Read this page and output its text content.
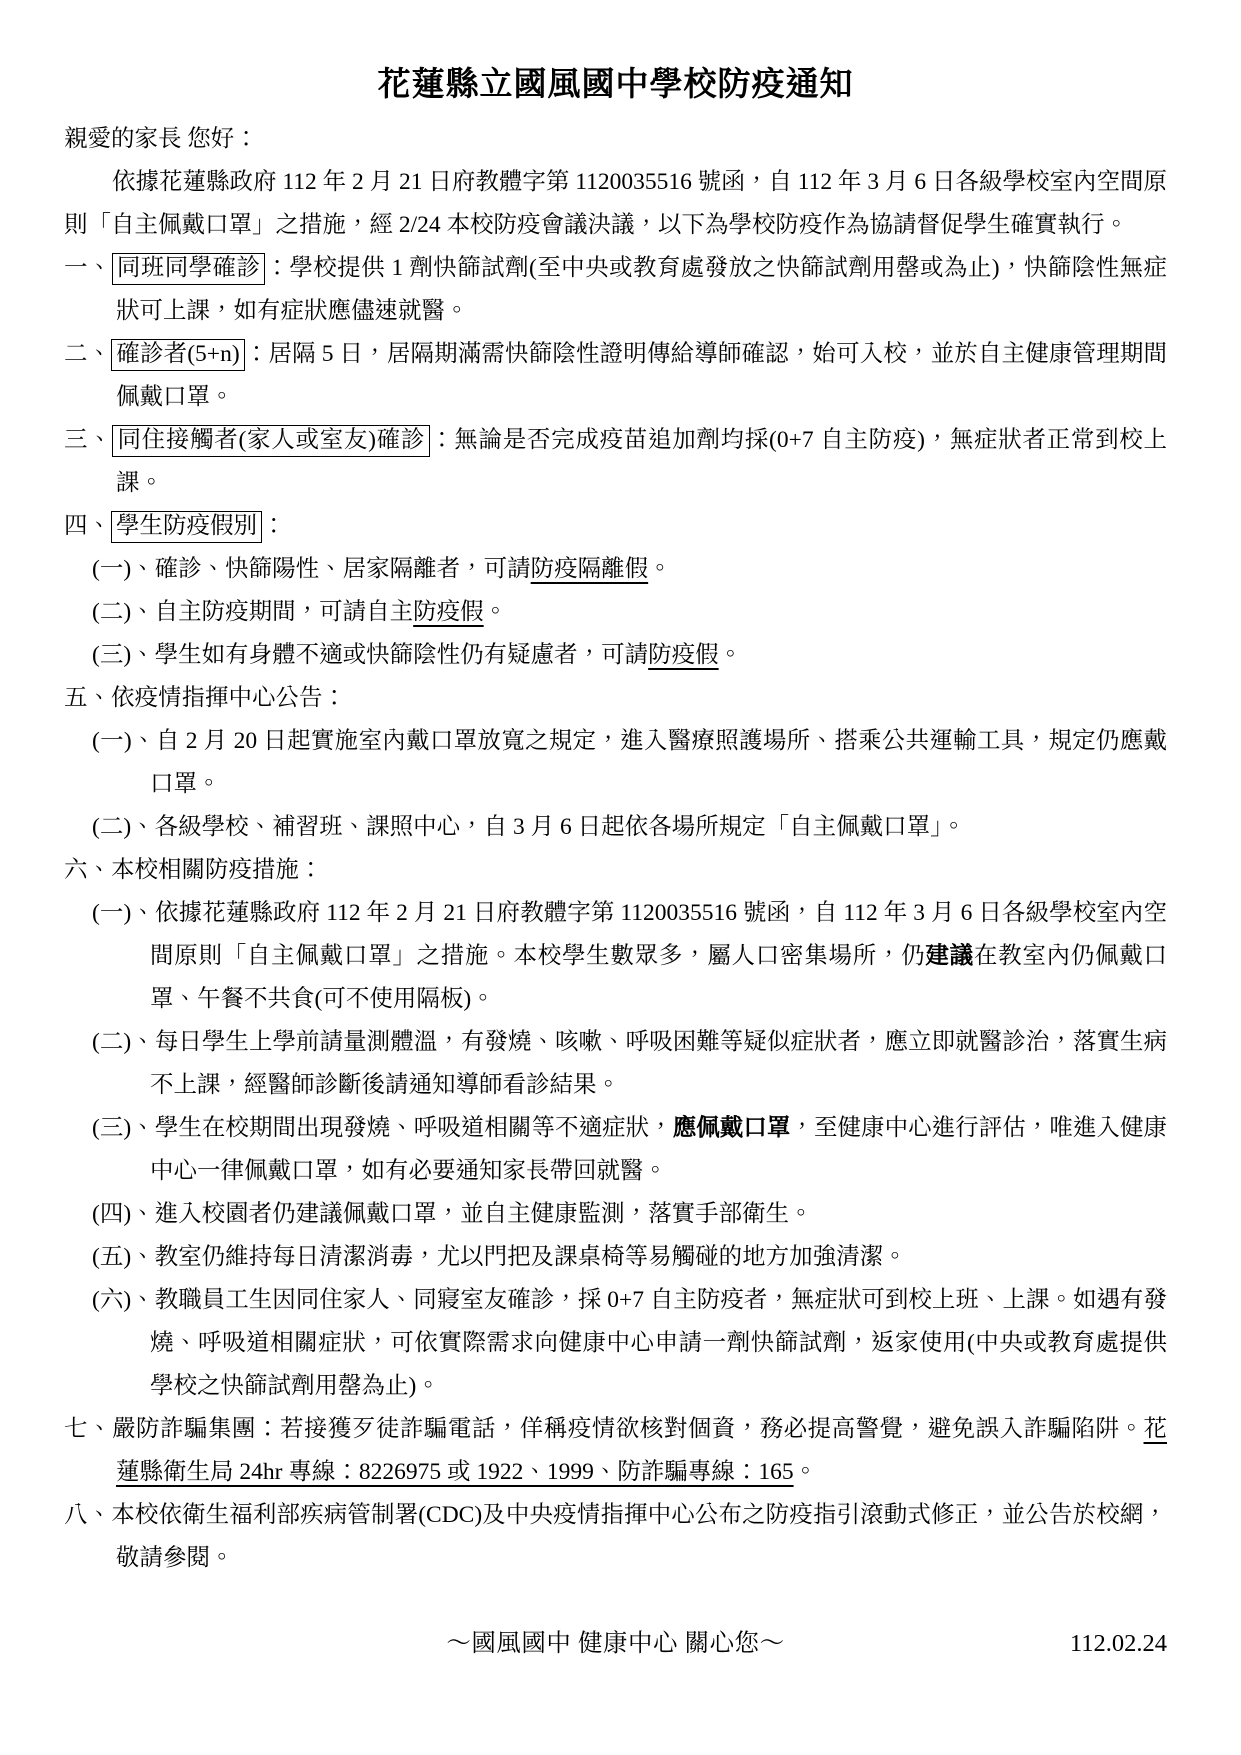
花蓮縣立國風國中學校防疫通知
親愛的家長 您好：
依據花蓮縣政府 112 年 2 月 21 日府教體字第 1120035516 號函，自 112 年 3 月 6 日各級學校室內空間原則「自主佩戴口罩」之措施，經 2/24 本校防疫會議決議，以下為學校防疫作為協請督促學生確實執行。
一、 同班同學確診 ：學校提供 1 劑快篩試劑(至中央或教育處發放之快篩試劑用罄或為止)，快篩陰性無症狀可上課，如有症狀應儘速就醫。
二、 確診者(5+n) ：居隔 5 日，居隔期滿需快篩陰性證明傳給導師確認，始可入校，並於自主健康管理期間佩戴口罩。
三、 同住接觸者(家人或室友)確診 ：無論是否完成疫苗追加劑均採(0+7 自主防疫)，無症狀者正常到校上課。
四、 學生防疫假別 ：
(一)、確診、快篩陽性、居家隔離者，可請防疫隔離假。
(二)、自主防疫期間，可請自主防疫假。
(三)、學生如有身體不適或快篩陰性仍有疑慮者，可請防疫假。
五、依疫情指揮中心公告：
(一)、自 2 月 20 日起實施室內戴口罩放寬之規定，進入醫療照護場所、搭乘公共運輸工具，規定仍應戴口罩。
(二)、各級學校、補習班、課照中心，自 3 月 6 日起依各場所規定「自主佩戴口罩」。
六、本校相關防疫措施：
(一)、依據花蓮縣政府 112 年 2 月 21 日府教體字第 1120035516 號函，自 112 年 3 月 6 日各級學校室內空間原則「自主佩戴口罩」之措施。本校學生數眾多，屬人口密集場所，仍建議在教室內仍佩戴口罩、午餐不共食(可不使用隔板)。
(二)、每日學生上學前請量測體溫，有發燒、咳嗽、呼吸困難等疑似症狀者，應立即就醫診治，落實生病不上課，經醫師診斷後請通知導師看診結果。
(三)、學生在校期間出現發燒、呼吸道相關等不適症狀，應佩戴口罩，至健康中心進行評估，唯進入健康中心一律佩戴口罩，如有必要通知家長帶回就醫。
(四)、進入校園者仍建議佩戴口罩，並自主健康監測，落實手部衛生。
(五)、教室仍維持每日清潔消毒，尤以門把及課桌椅等易觸碰的地方加強清潔。
(六)、教職員工生因同住家人、同寢室友確診，採 0+7 自主防疫者，無症狀可到校上班、上課。如遇有發燒、呼吸道相關症狀，可依實際需求向健康中心申請一劑快篩試劑，返家使用(中央或教育處提供學校之快篩試劑用罄為止)。
七、嚴防詐騙集團：若接獲歹徒詐騙電話，佯稱疫情欲核對個資，務必提高警覺，避免誤入詐騙陷阱。花蓮縣衛生局 24hr 專線：8226975 或 1922、1999、防詐騙專線：165。
八、本校依衛生福利部疾病管制署(CDC)及中央疫情指揮中心公布之防疫指引滾動式修正，並公告於校網，敬請參閱。
～國風國中 健康中心 關心您～	112.02.24
